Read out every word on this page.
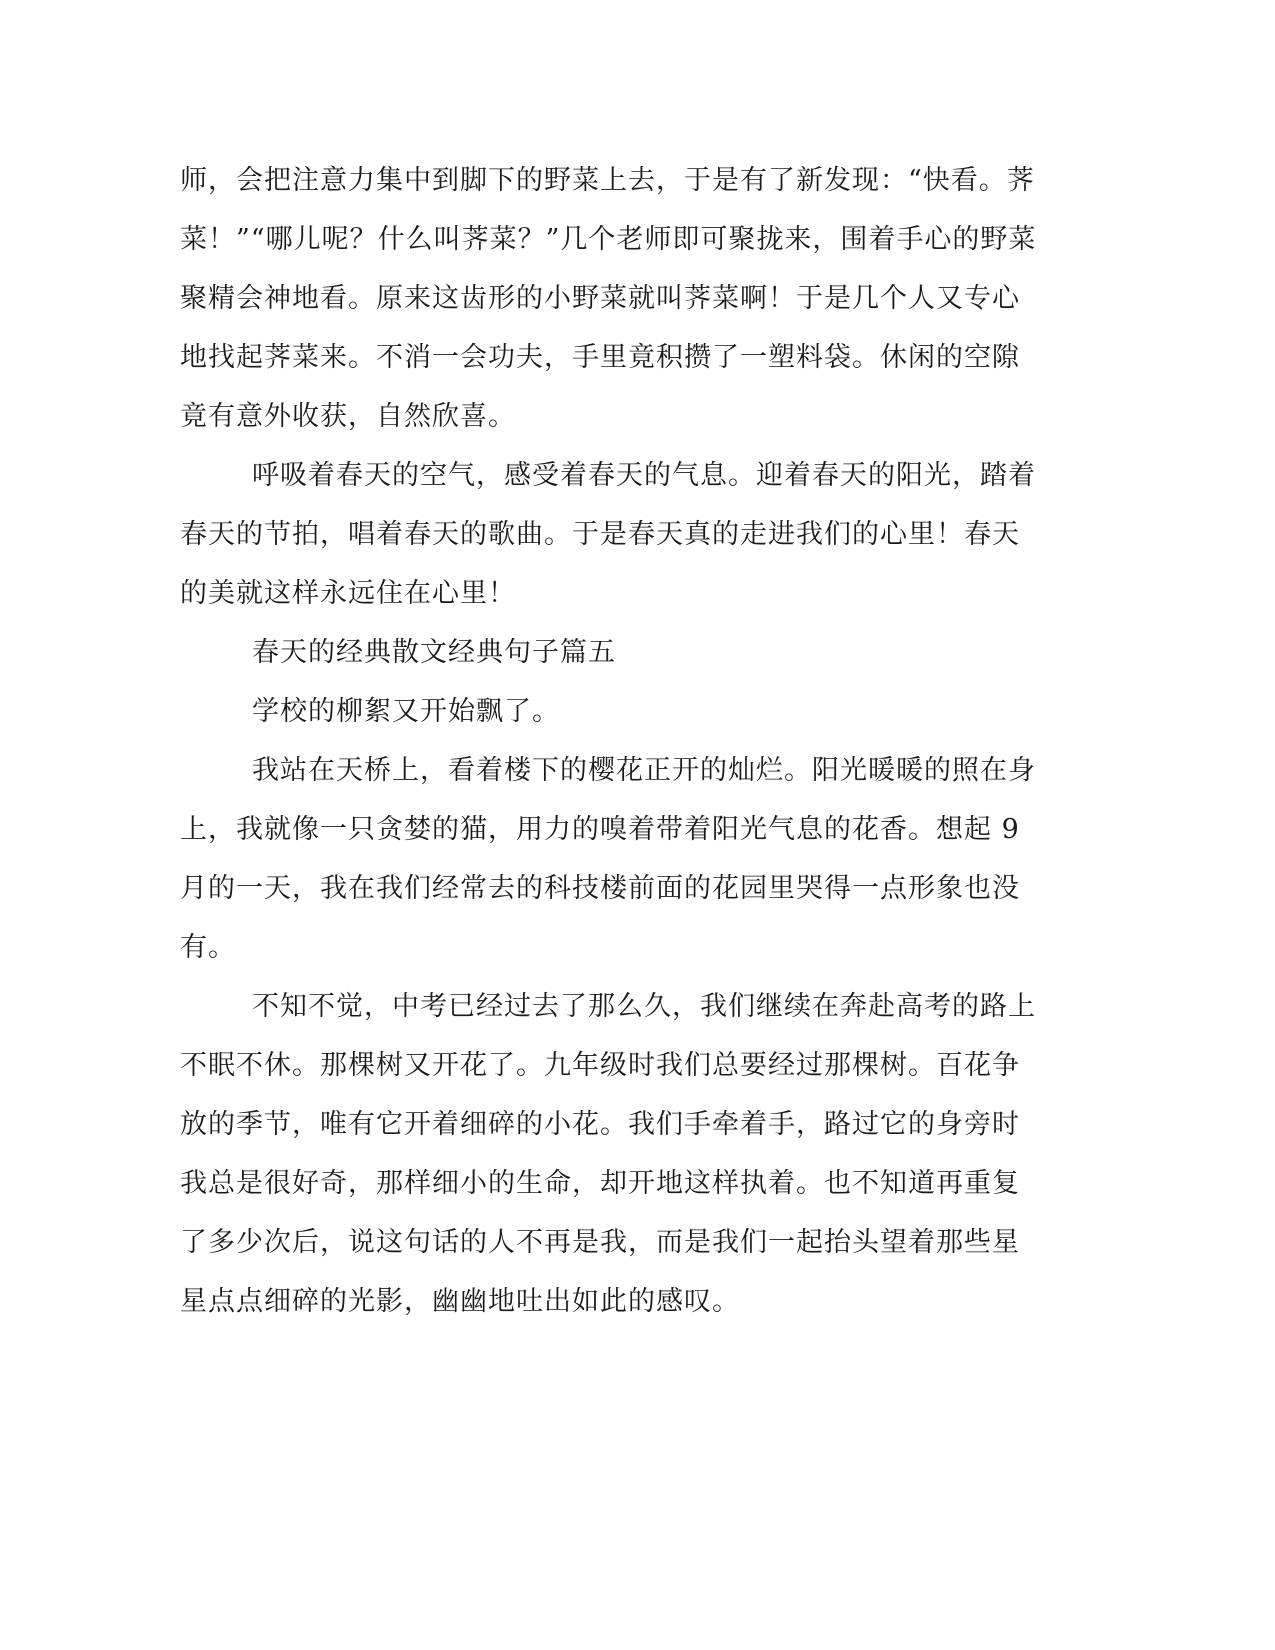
师，会把注意力集中到脚下的野菜上去，于是有了新发现：“快看。荠

菜！”“哪儿呢？什么叫荠菜？”几个老师即可聚拢来，围着手心的野菜

聚精会神地看。原来这齿形的小野菜就叫荠菜啊！于是几个人又专心

地找起荠菜来。不消一会功夫，手里竟积攒了一塑料袋。休闲的空隙

竟有意外收获，自然欣喜。

呼吸着春天的空气，感受着春天的气息。迎着春天的阳光，踏着

春天的节拍，唱着春天的歌曲。于是春天真的走进我们的心里！春天

的美就这样永远住在心里！

春天的经典散文经典句子篇五

学校的柳絮又开始飘了。

我站在天桥上，看着楼下的樱花正开的灿烂。阳光暖暖的照在身

上，我就像一只贪婪的猫，用力的嗅着带着阳光气息的花香。想起 9

月的一天，我在我们经常去的科技楼前面的花园里哭得一点形象也没

有。

不知不觉，中考已经过去了那么久，我们继续在奔赴高考的路上

不眠不休。那棵树又开花了。九年级时我们总要经过那棵树。百花争

放的季节，唯有它开着细碎的小花。我们手牵着手，路过它的身旁时

我总是很好奇，那样细小的生命，却开地这样执着。也不知道再重复

了多少次后，说这句话的人不再是我，而是我们一起抬头望着那些星

星点点细碎的光影，幽幽地吐出如此的感叹。
